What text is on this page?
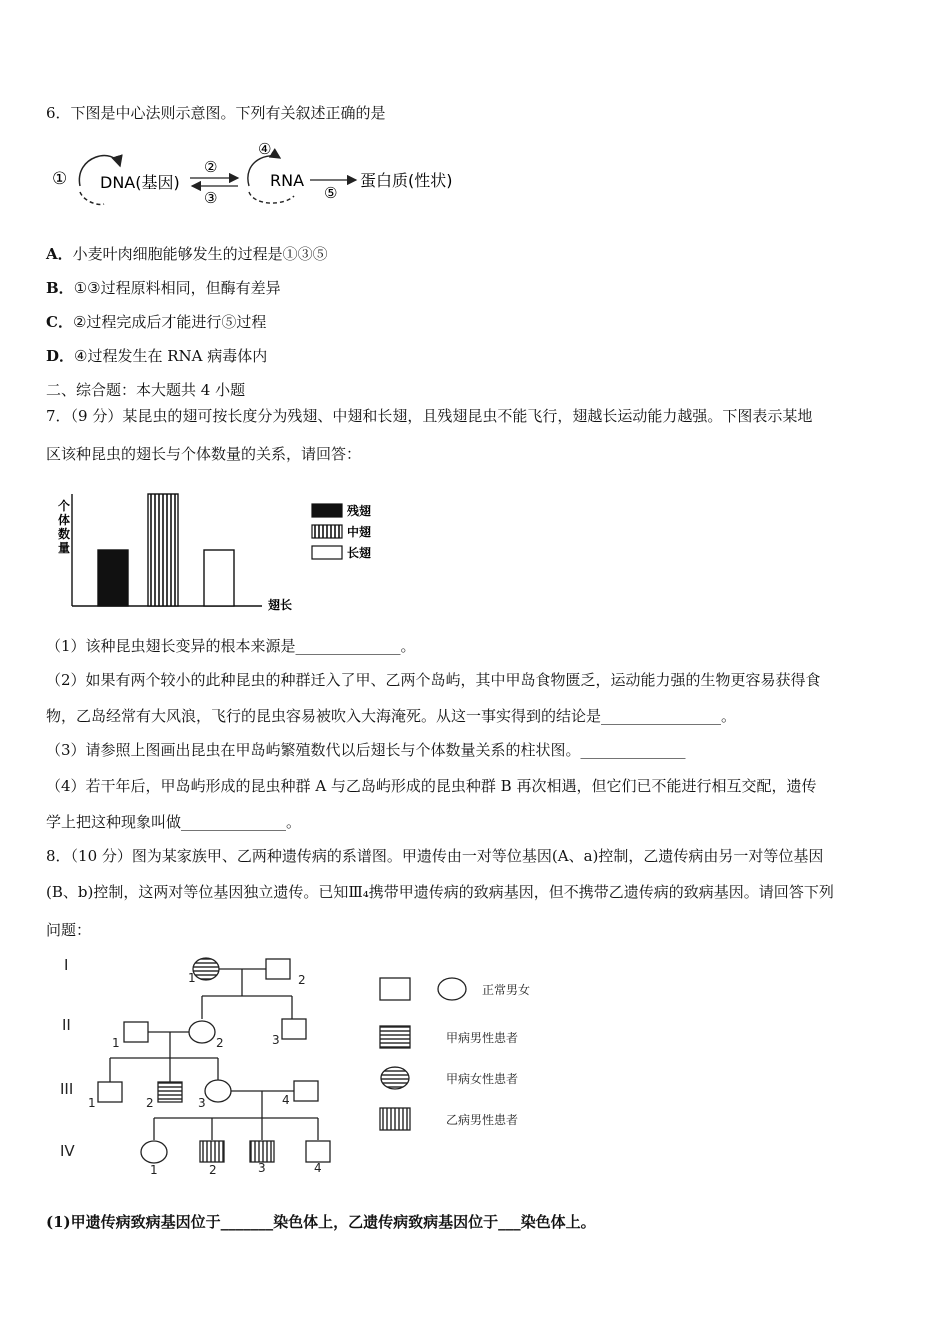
6．下图是中心法则示意图。下列有关叙述正确的是
① DNA(基因)
②
③
④
RNA
⑤
蛋白质(性状)
A．小麦叶肉细胞能够发生的过程是①③⑤
B．①③过程原料相同，但酶有差异
C．②过程完成后才能进行⑤过程
D．④过程发生在 RNA 病毒体内
二、综合题：本大题共 4 小题
7．（9 分）某昆虫的翅可按长度分为残翅、中翅和长翅，且残翅昆虫不能飞行，翅越长运动能力越强。下图表示某地
区该种昆虫的翅长与个体数量的关系，请回答：
个
体
数
量
翅长
残翅
中翅
长翅
（1）该种昆虫翅长变异的根本来源是______________。
（2）如果有两个较小的此种昆虫的种群迁入了甲、乙两个岛屿，其中甲岛食物匮乏，运动能力强的生物更容易获得食
物，乙岛经常有大风浪，飞行的昆虫容易被吹入大海淹死。从这一事实得到的结论是________________。
（3）请参照上图画出昆虫在甲岛屿繁殖数代以后翅长与个体数量关系的柱状图。______________
（4）若干年后，甲岛屿形成的昆虫种群 A 与乙岛屿形成的昆虫种群 B 再次相遇，但它们已不能进行相互交配，遗传
学上把这种现象叫做______________。
8．（10 分）图为某家族甲、乙两种遗传病的系谱图。甲遗传由一对等位基因(A、a)控制，乙遗传病由另一对等位基因
(B、b)控制，这两对等位基因独立遗传。已知Ⅲ₄携带甲遗传病的致病基因，但不携带乙遗传病的致病基因。请回答下列
问题：
I
II
III
IV
1	2
1	2	3
1	2	3	4
1	2	3	4
正常男女
甲病男性患者
甲病女性患者
乙病男性患者
(1)甲遗传病致病基因位于_______染色体上，乙遗传病致病基因位于___染色体上。
